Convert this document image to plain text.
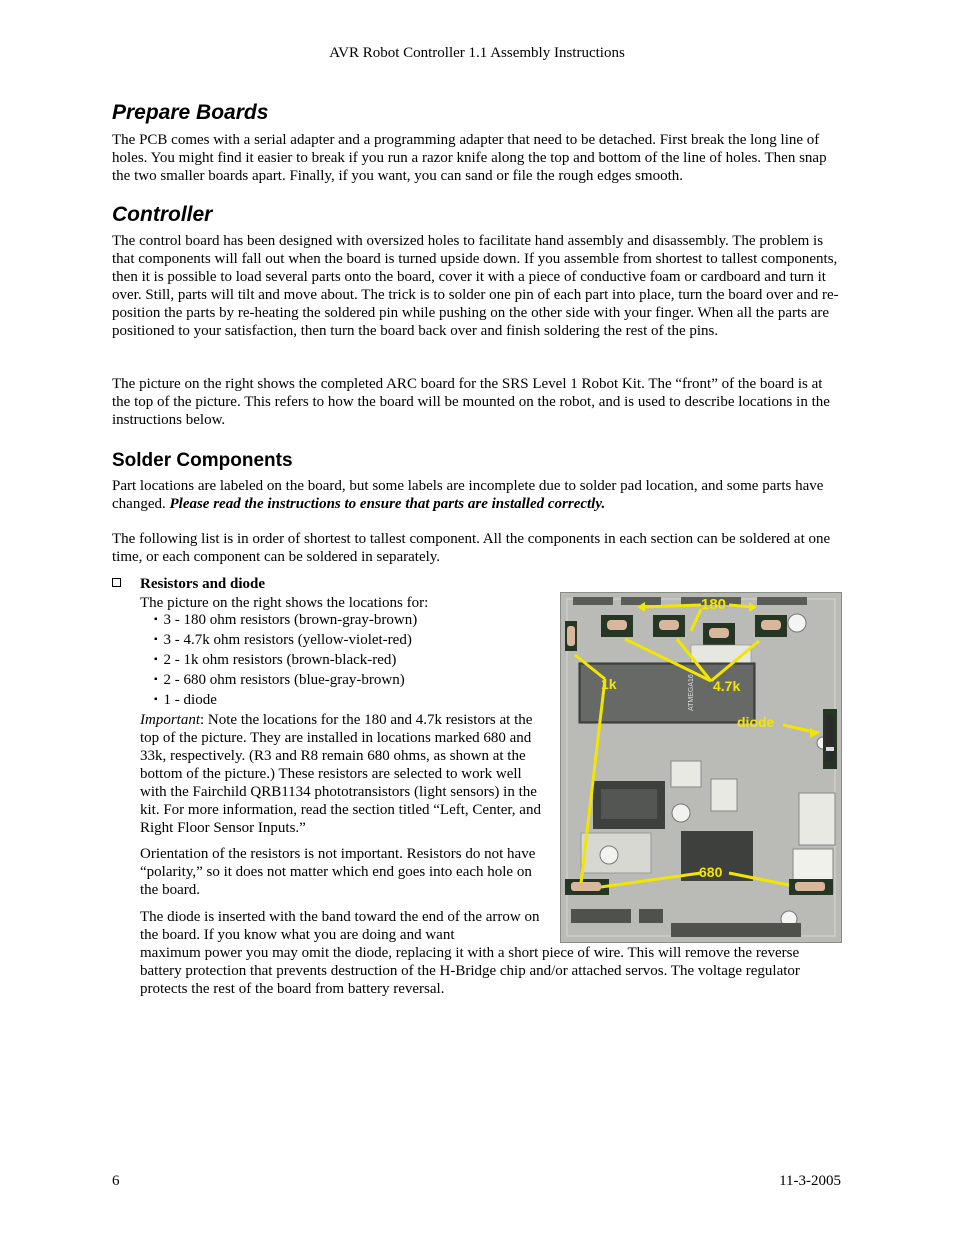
AVR Robot Controller 1.1 Assembly Instructions
Prepare Boards

The PCB comes with a serial adapter and a programming adapter that need to be detached. First break the long line of holes. You might find it easier to break if you run a razor knife along the top and bottom of the line of holes. Then snap the two smaller boards apart. Finally, if you want, you can sand or file the rough edges smooth.

Controller

The control board has been designed with oversized holes to facilitate hand assembly and disassembly. The problem is that components will fall out when the board is turned upside down. If you assemble from shortest to tallest components, then it is possible to load several parts onto the board, cover it with a piece of conductive foam or cardboard and turn it over. Still, parts will tilt and move about. The trick is to solder one pin of each part into place, turn the board over and re-position the parts by re-heating the soldered pin while pushing on the other side with your finger. When all the parts are positioned to your satisfaction, then turn the board back over and finish soldering the rest of the pins.

The picture on the right shows the completed ARC board for the SRS Level 1 Robot Kit. The “front” of the board is at the top of the picture. This refers to how the board will be mounted on the robot, and is used to describe locations in the instructions below.

Solder Components

Part locations are labeled on the board, but some labels are incomplete due to solder pad location, and some parts have changed. Please read the instructions to ensure that parts are installed correctly.

The following list is in order of shortest to tallest component. All the components in each section can be soldered at one time, or each component can be soldered in separately.

Resistors and diode
The picture on the right shows the locations for:
▪ 3 - 180 ohm resistors (brown-gray-brown)
▪ 3 - 4.7k ohm resistors (yellow-violet-red)
▪ 2 - 1k ohm resistors (brown-black-red)
▪ 2 - 680 ohm resistors (blue-gray-brown)
▪ 1 - diode

Important: Note the locations for the 180 and 4.7k resistors at the top of the picture. They are installed in locations marked 680 and 33k, respectively. (R3 and R8 remain 680 ohms, as shown at the bottom of the picture.) These resistors are selected to work well with the Fairchild QRB1134 phototransistors (light sensors) in the kit. For more information, read the section titled “Left, Center, and Right Floor Sensor Inputs.”

Orientation of the resistors is not important. Resistors do not have “polarity,” so it does not matter which end goes into each hole on the board.

The diode is inserted with the band toward the end of the arrow on the board. If you know what you are doing and want

maximum power you may omit the diode, replacing it with a short piece of wire. This will remove the reverse battery protection that prevents destruction of the H-Bridge chip and/or attached servos. The voltage regulator protects the rest of the board from battery reversal.

ATMEGA16
180
4.7k
1k
diode
680
6	11-3-2005
